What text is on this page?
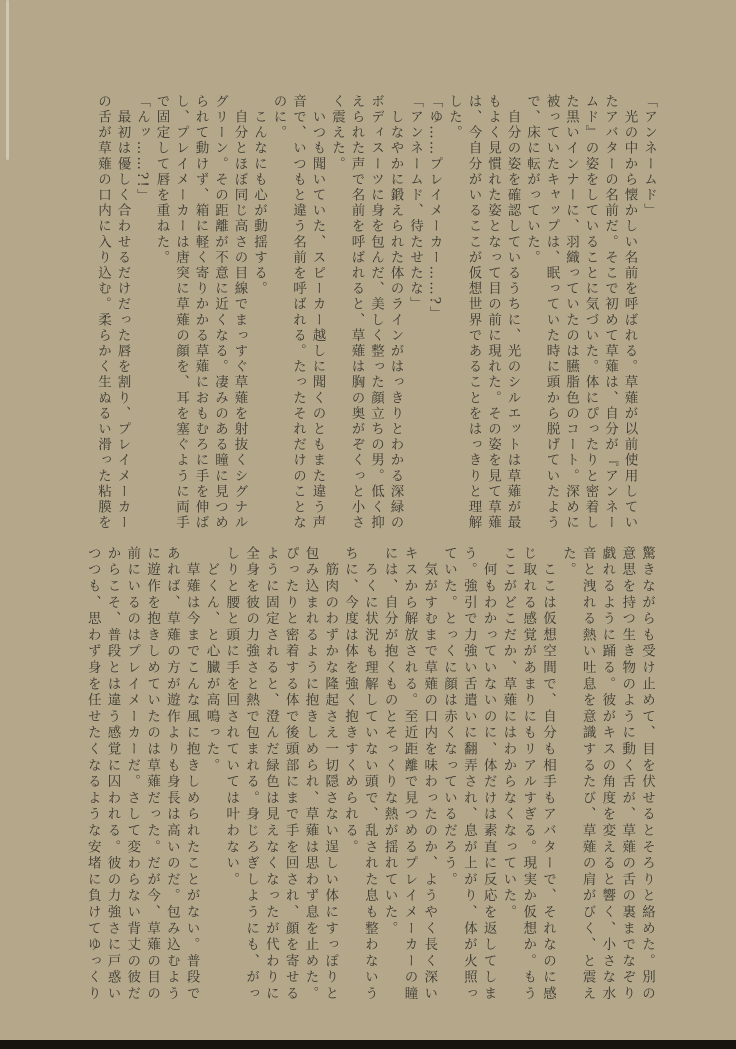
「アンネームド」

　光の中から懐かしい名前を呼ばれる。草薙が以前使用してい

たアバターの名前だ。そこで初めて草薙は、自分が『アンネー

ムド』の姿をしていることに気づいた。体にぴったりと密着し

た黒いインナーに、羽織っていたのは臙脂色のコート。深めに

被っていたキャップは、眠っていた時に頭から脱げていたよう

で、床に転がっていた。

　自分の姿を確認しているうちに、光のシルエットは草薙が最

もよく見慣れた姿となって目の前に現れた。その姿を見て草薙

は、今自分がいるここが仮想世界であることをはっきりと理解

した。

「ゆ……プレイメーカー……?」

「アンネームド、待たせたな」

　しなやかに鍛えられた体のラインがはっきりとわかる深緑の

ボディスーツに身を包んだ、美しく整った顔立ちの男。低く抑

えられた声で名前を呼ばれると、草薙は胸の奥がぞくっと小さ

く震えた。

　いつも聞いていた、スピーカー越しに聞くのともまた違う声

音で、いつもと違う名前を呼ばれる。たったそれだけのことな

のに。

　こんなにも心が動揺する。

　自分とほぼ同じ高さの目線でまっすぐ草薙を射抜くシグナル

グリーン。その距離が不意に近くなる。凄みのある瞳に見つめ

られて動けず、箱に軽く寄りかかる草薙におもむろに手を伸ば

し、プレイメーカーは唐突に草薙の顔を、耳を塞ぐように両手

で固定して唇を重ねた。

「んッ……?!」

　最初は優しく合わせるだけだった唇を割り、プレイメーカー

の舌が草薙の口内に入り込む。柔らかく生ぬるい滑った粘膜を

驚きながらも受け止めて、目を伏せるとそろりと絡めた。別の

意思を持つ生き物のように動く舌が、草薙の舌の裏までなぞり

戯れるように踊る。彼がキスの角度を変えると響く、小さな水

音と洩れる熱い吐息を意識するたび、草薙の肩がびく、と震え

た。

　ここは仮想空間で、自分も相手もアバターで、それなのに感

じ取れる感覚があまりにもリアルすぎる。現実か仮想か。もう

ここがどこだか、草薙にはわからなくなっていた。

　何もわかっていないのに、体だけは素直に反応を返してしま

う。強引で力強い舌遣いに翻弄され、息が上がり、体が火照っ

ていた。とっくに顔は赤くなっているだろう。

　気がすむまで草薙の口内を味わったのか、ようやく長く深い

キスから解放される。至近距離で見つめるプレイメーカーの瞳

には、自分が抱くものとそっくりな熱が揺れていた。

　ろくに状況も理解していない頭で、乱された息も整わないう

ちに、今度は体を強く抱きすくめられる。

　筋肉のわずかな隆起さえ一切隠さない逞しい体にすっぽりと

包み込まれるように抱きしめられ、草薙は思わず息を止めた。

ぴったりと密着する体で後頭部にまで手を回され、顔を寄せる

ように固定されると、澄んだ緑色は見えなくなったが代わりに

全身を彼の力強さと熱で包まれる。身じろぎしようにも、がっ

しりと腰と頭に手を回されていては叶わない。

　どくん、と心臓が高鳴った。

　草薙は今までこんな風に抱きしめられたことがない。普段で

あれば、草薙の方が遊作よりも身長は高いのだ。包み込むよう

に遊作を抱きしめていたのは草薙だった。だが今、草薙の目の

前にいるのはプレイメーカーだ。さして変わらない背丈の彼だ

からこそ、普段とは違う感覚に囚われる。彼の力強さに戸惑い

つつも、思わず身を任せたくなるような安堵に負けてゆっくり
